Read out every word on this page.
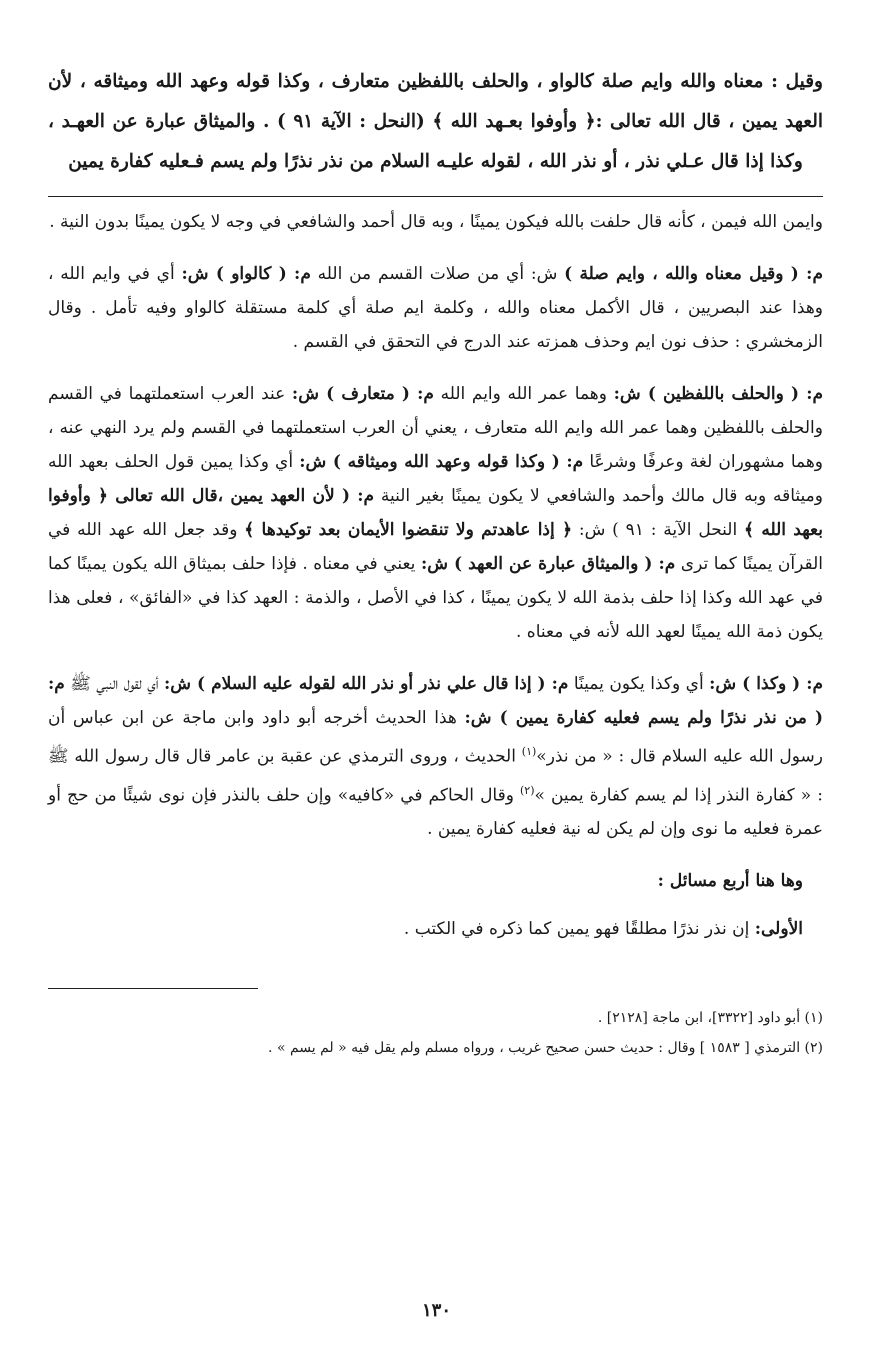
وقيل : معناه والله وايم صلة كالواو ، والحلف باللفظين متعارف ، وكذا قوله وعهد الله وميثاقه ، لأن العهد يمين ، قال الله تعالى :﴿ وأوفوا بعـهد الله ﴾ (النحل : الآية ٩١ ) . والميثاق عبارة عن العهـد ، وكذا إذا قال عـلي نذر ، أو نذر الله ، لقوله عليـه السلام من نذر نذرًا ولم يسم فـعليه كفارة يمين

وايمن الله فيمن ، كأنه قال حلفت بالله فيكون يمينًا ، وبه قال أحمد والشافعي في وجه لا يكون يمينًا بدون النية .

م: ( وقيل معناه والله ، وايم صلة ) ش: أي من صلات القسم من الله م: ( كالواو ) ش: أي في وايم الله ، وهذا عند البصريين ، قال الأكمل معناه والله ، وكلمة ايم صلة أي كلمة مستقلة كالواو وفيه تأمل . وقال الزمخشري : حذف نون ايم وحذف همزته عند الدرج في التحقق في القسم .

م: ( والحلف باللفظين ) ش: وهما عمر الله وايم الله م: ( متعارف ) ش: عند العرب استعملتهما في القسم والحلف باللفظين وهما عمر الله وايم الله متعارف ، يعني أن العرب استعملتهما في القسم ولم يرد النهي عنه ، وهما مشهوران لغة وعرفًا وشرعًا م: ( وكذا قوله وعهد الله وميثاقه ) ش: أي وكذا يمين قول الحلف بعهد الله وميثاقه وبه قال مالك وأحمد والشافعي لا يكون يمينًا بغير النية م: ( لأن العهد يمين ،قال الله تعالى ﴿ وأوفوا بعهد الله ﴾ النحل الآية : ٩١ ) ش: ﴿ إذا عاهدتم ولا تنقضوا الأيمان بعد توكيدها ﴾ وقد جعل الله عهد الله في القرآن يمينًا كما ترى م: ( والميثاق عبارة عن العهد ) ش: يعني في معناه . فإذا حلف بميثاق الله يكون يمينًا كما في عهد الله وكذا إذا حلف بذمة الله لا يكون يمينًا ، كذا في الأصل ، والذمة : العهد كذا في «الفائق» ، فعلى هذا يكون ذمة الله يمينًا لعهد الله لأنه في معناه .

م: ( وكذا ) ش: أي وكذا يكون يمينًا م: ( إذا قال علي نذر أو نذر الله لقوله عليه السلام ) ش: أي لقول النبي ﷺ م: ( من نذر نذرًا ولم يسم فعليه كفارة يمين ) ش: هذا الحديث أخرجه أبو داود وابن ماجة عن ابن عباس أن رسول الله عليه السلام قال : « من نذر»$^{(١)}$ الحديث ، وروى الترمذي عن عقبة بن عامر قال قال رسول الله ﷺ : « كفارة النذر إذا لم يسم كفارة يمين »$^{(٢)}$ وقال الحاكم في «كافيه» وإن حلف بالنذر فإن نوى شيئًا من حج أو عمرة فعليه ما نوى وإن لم يكن له نية فعليه كفارة يمين .

وها هنا أربع مسائل :

الأولى: إن نذر نذرًا مطلقًا فهو يمين كما ذكره في الكتب .

(١) أبو داود [٣٣٢٢]، ابن ماجة [٢١٢٨] .

(٢) الترمذي [ ١٥٨٣ ] وقال : حديث حسن صحيح غريب ، ورواه مسلم ولم يقل فيه « لم يسم » .

١٣٠
